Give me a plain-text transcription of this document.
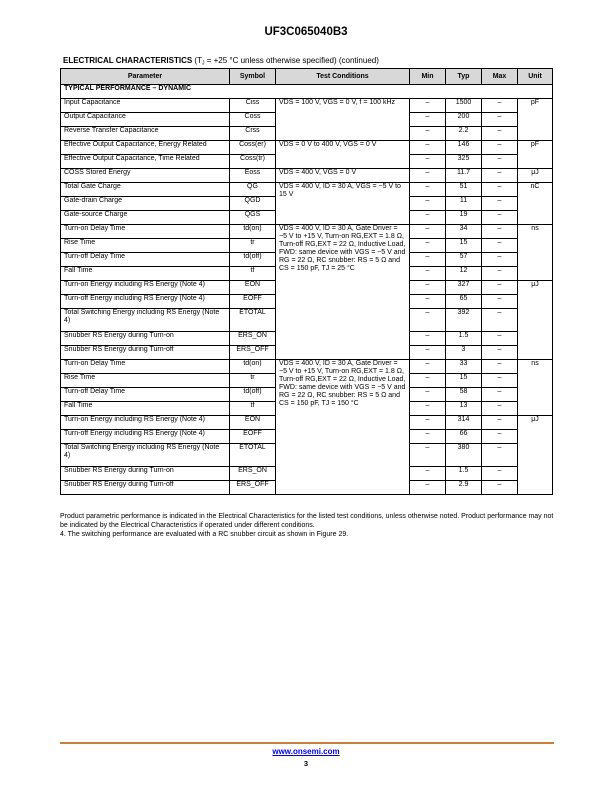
UF3C065040B3
ELECTRICAL CHARACTERISTICS ($T_J = +25$ °C unless otherwise specified) (continued)
Parameter	Symbol	Test Conditions	Min	Typ	Max	Unit
TYPICAL PERFORMANCE – DYNAMIC						
Input Capacitance	Ciss	VDS = 100 V, VGS = 0 V, f = 100 kHz	–	1500	–	pF
Output Capacitance	Coss		–	200	–	
Reverse Transfer Capacitance	Crss		–	2.2	–	
Effective Output Capacitance, Energy Related	Coss(er)	VDS = 0 V to 400 V, VGS = 0 V	–	146	–	pF
Effective Output Capacitance, Time Related	Coss(tr)		–	325	–	
COSS Stored Energy	Eoss	VDS = 400 V, VGS = 0 V	–	11.7	–	μJ
Total Gate Charge	QG	VDS = 400 V, ID = 30 A, VGS = −5 V to 15 V	–	51	–	nC
Gate-drain Charge	QGD		–	11	–	
Gate-source Charge	QGS		–	19	–	
Turn-on Delay Time	td(on)	VDS = 400 V, ID = 30 A, Gate Driver = −5 V to +15 V, Turn-on RG,EXT = 1.8 Ω, Turn-off RG,EXT = 22 Ω, Inductive Load, FWD: same device with VGS = −5 V and RG = 22 Ω, RC snubber: RS = 5 Ω and CS = 150 pF, TJ = 25 °C	–	34	–	ns
Rise Time	tr		–	15	–	
Turn-off Delay Time	td(off)		–	57	–	
Fall Time	tf		–	12	–	
Turn-on Energy including RS Energy (Note 4)	EON		–	327	–	μJ
Turn-off Energy including RS Energy (Note 4)	EOFF		–	65	–	
Total Switching Energy including RS Energy (Note 4)	ETOTAL		–	392	–	
Snubber RS Energy during Turn-on	ERS_ON		–	1.5	–	
Snubber RS Energy during Turn-off	ERS_OFF		–	3	–	
Turn-on Delay Time	td(on)	VDS = 400 V, ID = 30 A, Gate Driver = −5 V to +15 V, Turn-on RG,EXT = 1.8 Ω, Turn-off RG,EXT = 22 Ω, Inductive Load, FWD: same device with VGS = −5 V and RG = 22 Ω, RC snubber: RS = 5 Ω and CS = 150 pF, TJ = 150 °C	–	33	–	ns
Rise Time	tr		–	15	–	
Turn-off Delay Time	td(off)		–	58	–	
Fall Time	tf		–	13	–	
Turn-on Energy including RS Energy (Note 4)	EON		–	314	–	μJ
Turn-off Energy including RS Energy (Note 4)	EOFF		–	66	–	
Total Switching Energy including RS Energy (Note 4)	ETOTAL		–	380	–	
Snubber RS Energy during Turn-on	ERS_ON		–	1.5	–	
Snubber RS Energy during Turn-off	ERS_OFF		–	2.9	–	
Product parametric performance is indicated in the Electrical Characteristics for the listed test conditions, unless otherwise noted. Product performance may not be indicated by the Electrical Characteristics if operated under different conditions.
4. The switching performance are evaluated with a RC snubber circuit as shown in Figure 29.
www.onsemi.com
3
